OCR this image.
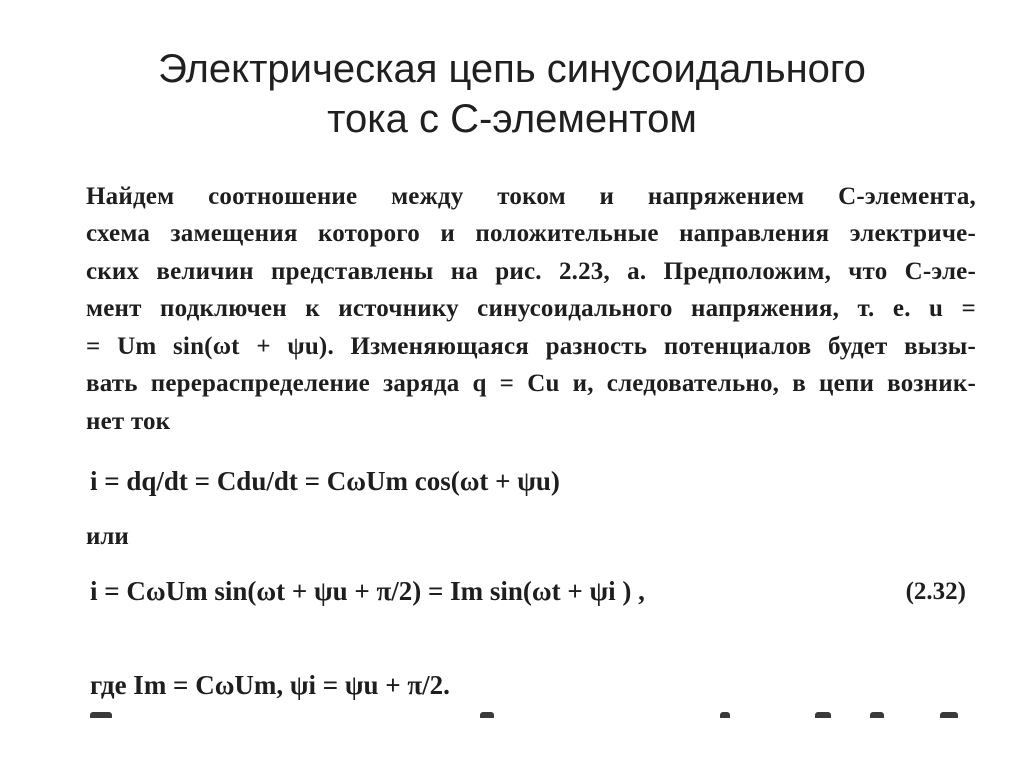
Электрическая цепь синусоидального
тока с С-элементом

Найдем соотношение между током и напряжением С-элемента,

схема замещения которого и положительные направления электриче-

ских величин представлены на рис. 2.23, а. Предположим, что С-эле-

мент подключен к источнику синусоидального напряжения, т. е. u =

= Um sin(ωt + ψu). Изменяющаяся разность потенциалов будет вызы-

вать перераспределение заряда q = Cu и, следовательно, в цепи возник-

нет ток

i = dq/dt = Cdu/dt = CωUm cos(ωt + ψu)
или
i = CωUm sin(ωt + ψu + π/2) = Im sin(ωt + ψi ) ,	(2.32)
где Im = CωUm, ψi = ψu + π/2.
